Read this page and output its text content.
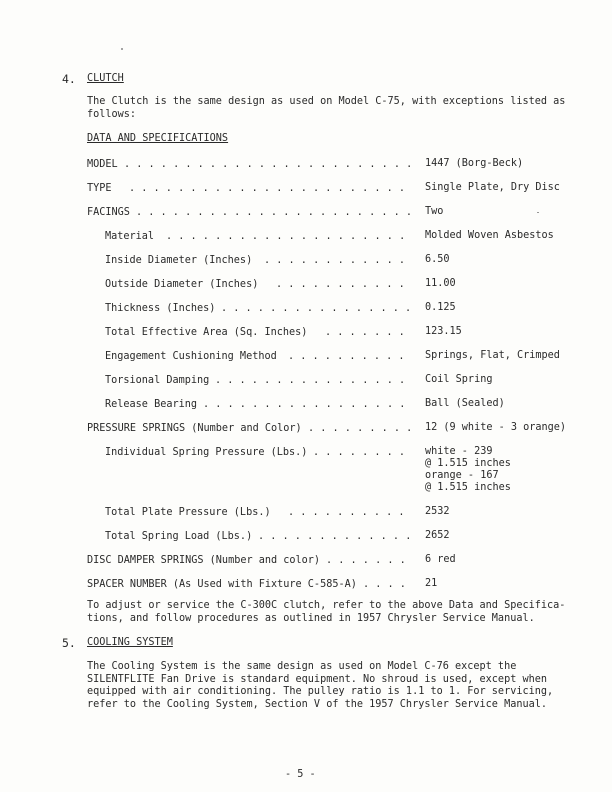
4. CLUTCH
The Clutch is the same design as used on Model C-75, with exceptions listed as
follows:
DATA AND SPECIFICATIONS
MODEL . . . . . . . . . . . . . . . . . . . . . . . . 1447 (Borg-Beck)
TYPE . . . . . . . . . . . . . . . . . . . . . . . Single Plate, Dry Disc
FACINGS . . . . . . . . . . . . . . . . . . . . . . . Two
Material . . . . . . . . . . . . . . . . . . . . Molded Woven Asbestos
Inside Diameter (Inches) . . . . . . . . . . . . 6.50
Outside Diameter (Inches) . . . . . . . . . . . 11.00
Thickness (Inches) . . . . . . . . . . . . . . . . 0.125
Total Effective Area (Sq. Inches) . . . . . . . 123.15
Engagement Cushioning Method . . . . . . . . . . Springs, Flat, Crimped
Torsional Damping . . . . . . . . . . . . . . . . Coil Spring
Release Bearing . . . . . . . . . . . . . . . . . Ball (Sealed)
PRESSURE SPRINGS (Number and Color) . . . . . . . . . 12 (9 white - 3 orange)
Individual Spring Pressure (Lbs.) . . . . . . . . white - 239
@ 1.515 inches
orange - 167
@ 1.515 inches
Total Plate Pressure (Lbs.) . . . . . . . . . . 2532
Total Spring Load (Lbs.) . . . . . . . . . . . . . 2652
DISC DAMPER SPRINGS (Number and color) . . . . . . . 6 red
SPACER NUMBER (As Used with Fixture C-585-A) . . . . 21
To adjust or service the C-300C clutch, refer to the above Data and Specifica-
tions, and follow procedures as outlined in 1957 Chrysler Service Manual.
5. COOLING SYSTEM
The Cooling System is the same design as used on Model C-76 except the
SILENTFLITE Fan Drive is standard equipment. No shroud is used, except when
equipped with air conditioning. The pulley ratio is 1.1 to 1. For servicing,
refer to the Cooling System, Section V of the 1957 Chrysler Service Manual.
- 5 -
